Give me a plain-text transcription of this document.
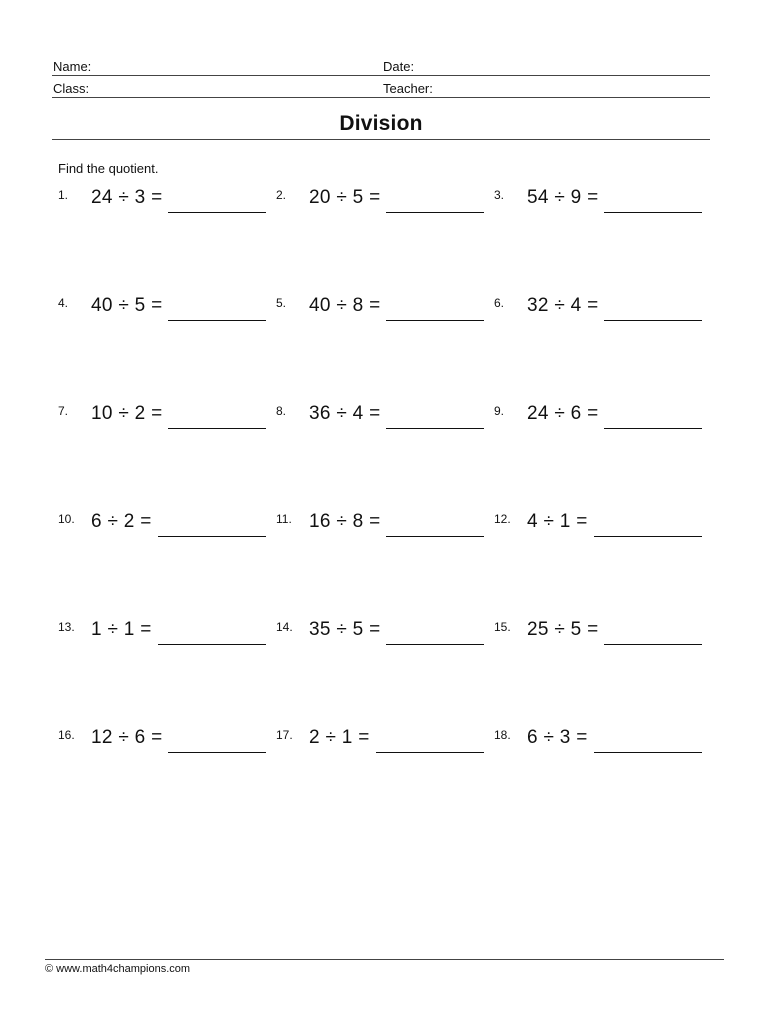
Name:	Date:
Class:	Teacher:
Division
Find the quotient.
1. 24 ÷ 3 =	2. 20 ÷ 5 =	3. 54 ÷ 9 =
4. 40 ÷ 5 =	5. 40 ÷ 8 =	6. 32 ÷ 4 =
7. 10 ÷ 2 =	8. 36 ÷ 4 =	9. 24 ÷ 6 =
10. 6 ÷ 2 =	11. 16 ÷ 8 =	12. 4 ÷ 1 =
13. 1 ÷ 1 =	14. 35 ÷ 5 =	15. 25 ÷ 5 =
16. 12 ÷ 6 =	17. 2 ÷ 1 =	18. 6 ÷ 3 =
© www.math4champions.com
